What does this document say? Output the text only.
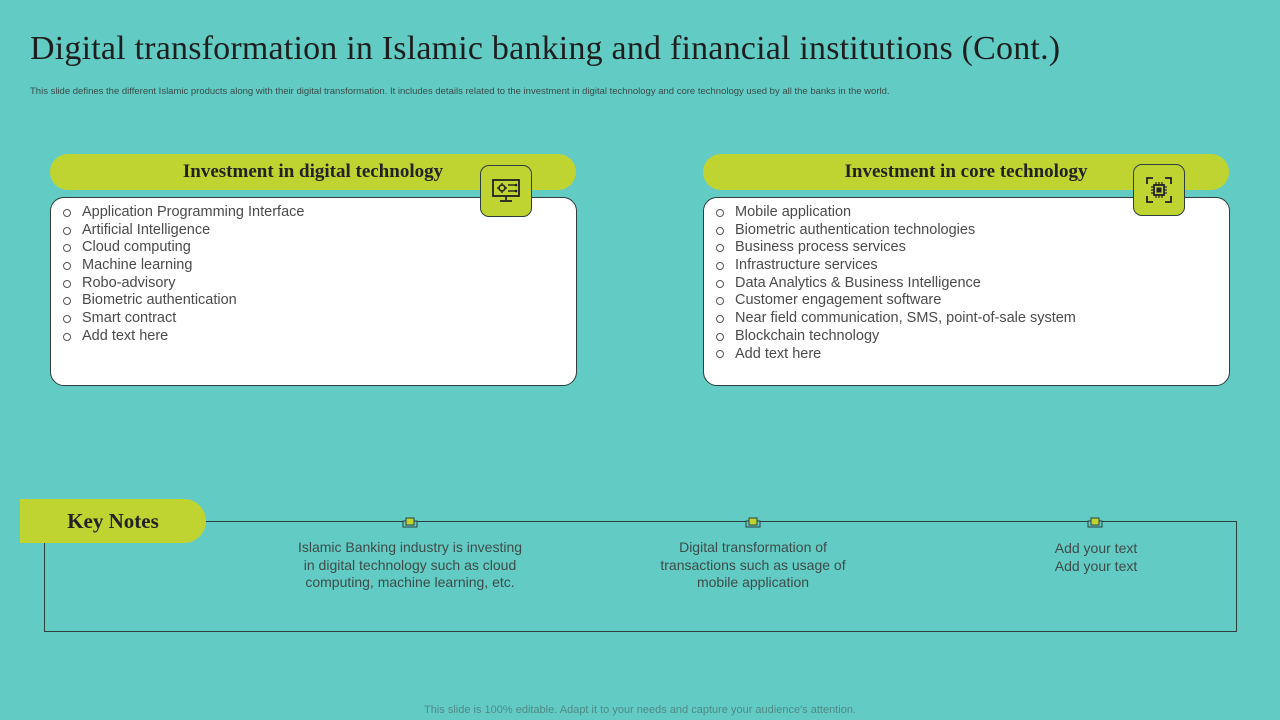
Digital transformation in Islamic banking and financial institutions (Cont.)
This slide defines the different Islamic products along with their digital transformation. It includes details related to the investment in digital technology and core technology used by all the banks in the world.
Investment in digital technology
Application Programming Interface
Artificial Intelligence
Cloud computing
Machine learning
Robo-advisory
Biometric authentication
Smart contract
Add text here
Investment in core technology
Mobile application
Biometric authentication technologies
Business process services
Infrastructure services
Data Analytics & Business Intelligence
Customer engagement software
Near field communication, SMS, point-of-sale system
Blockchain technology
Add text here
Key Notes
Islamic Banking industry is investing
in digital technology such as cloud
computing, machine learning, etc.
Digital transformation of
transactions such as usage of
mobile application
Add your text
Add your text
This slide is 100% editable. Adapt it to your needs and capture your audience's attention.
